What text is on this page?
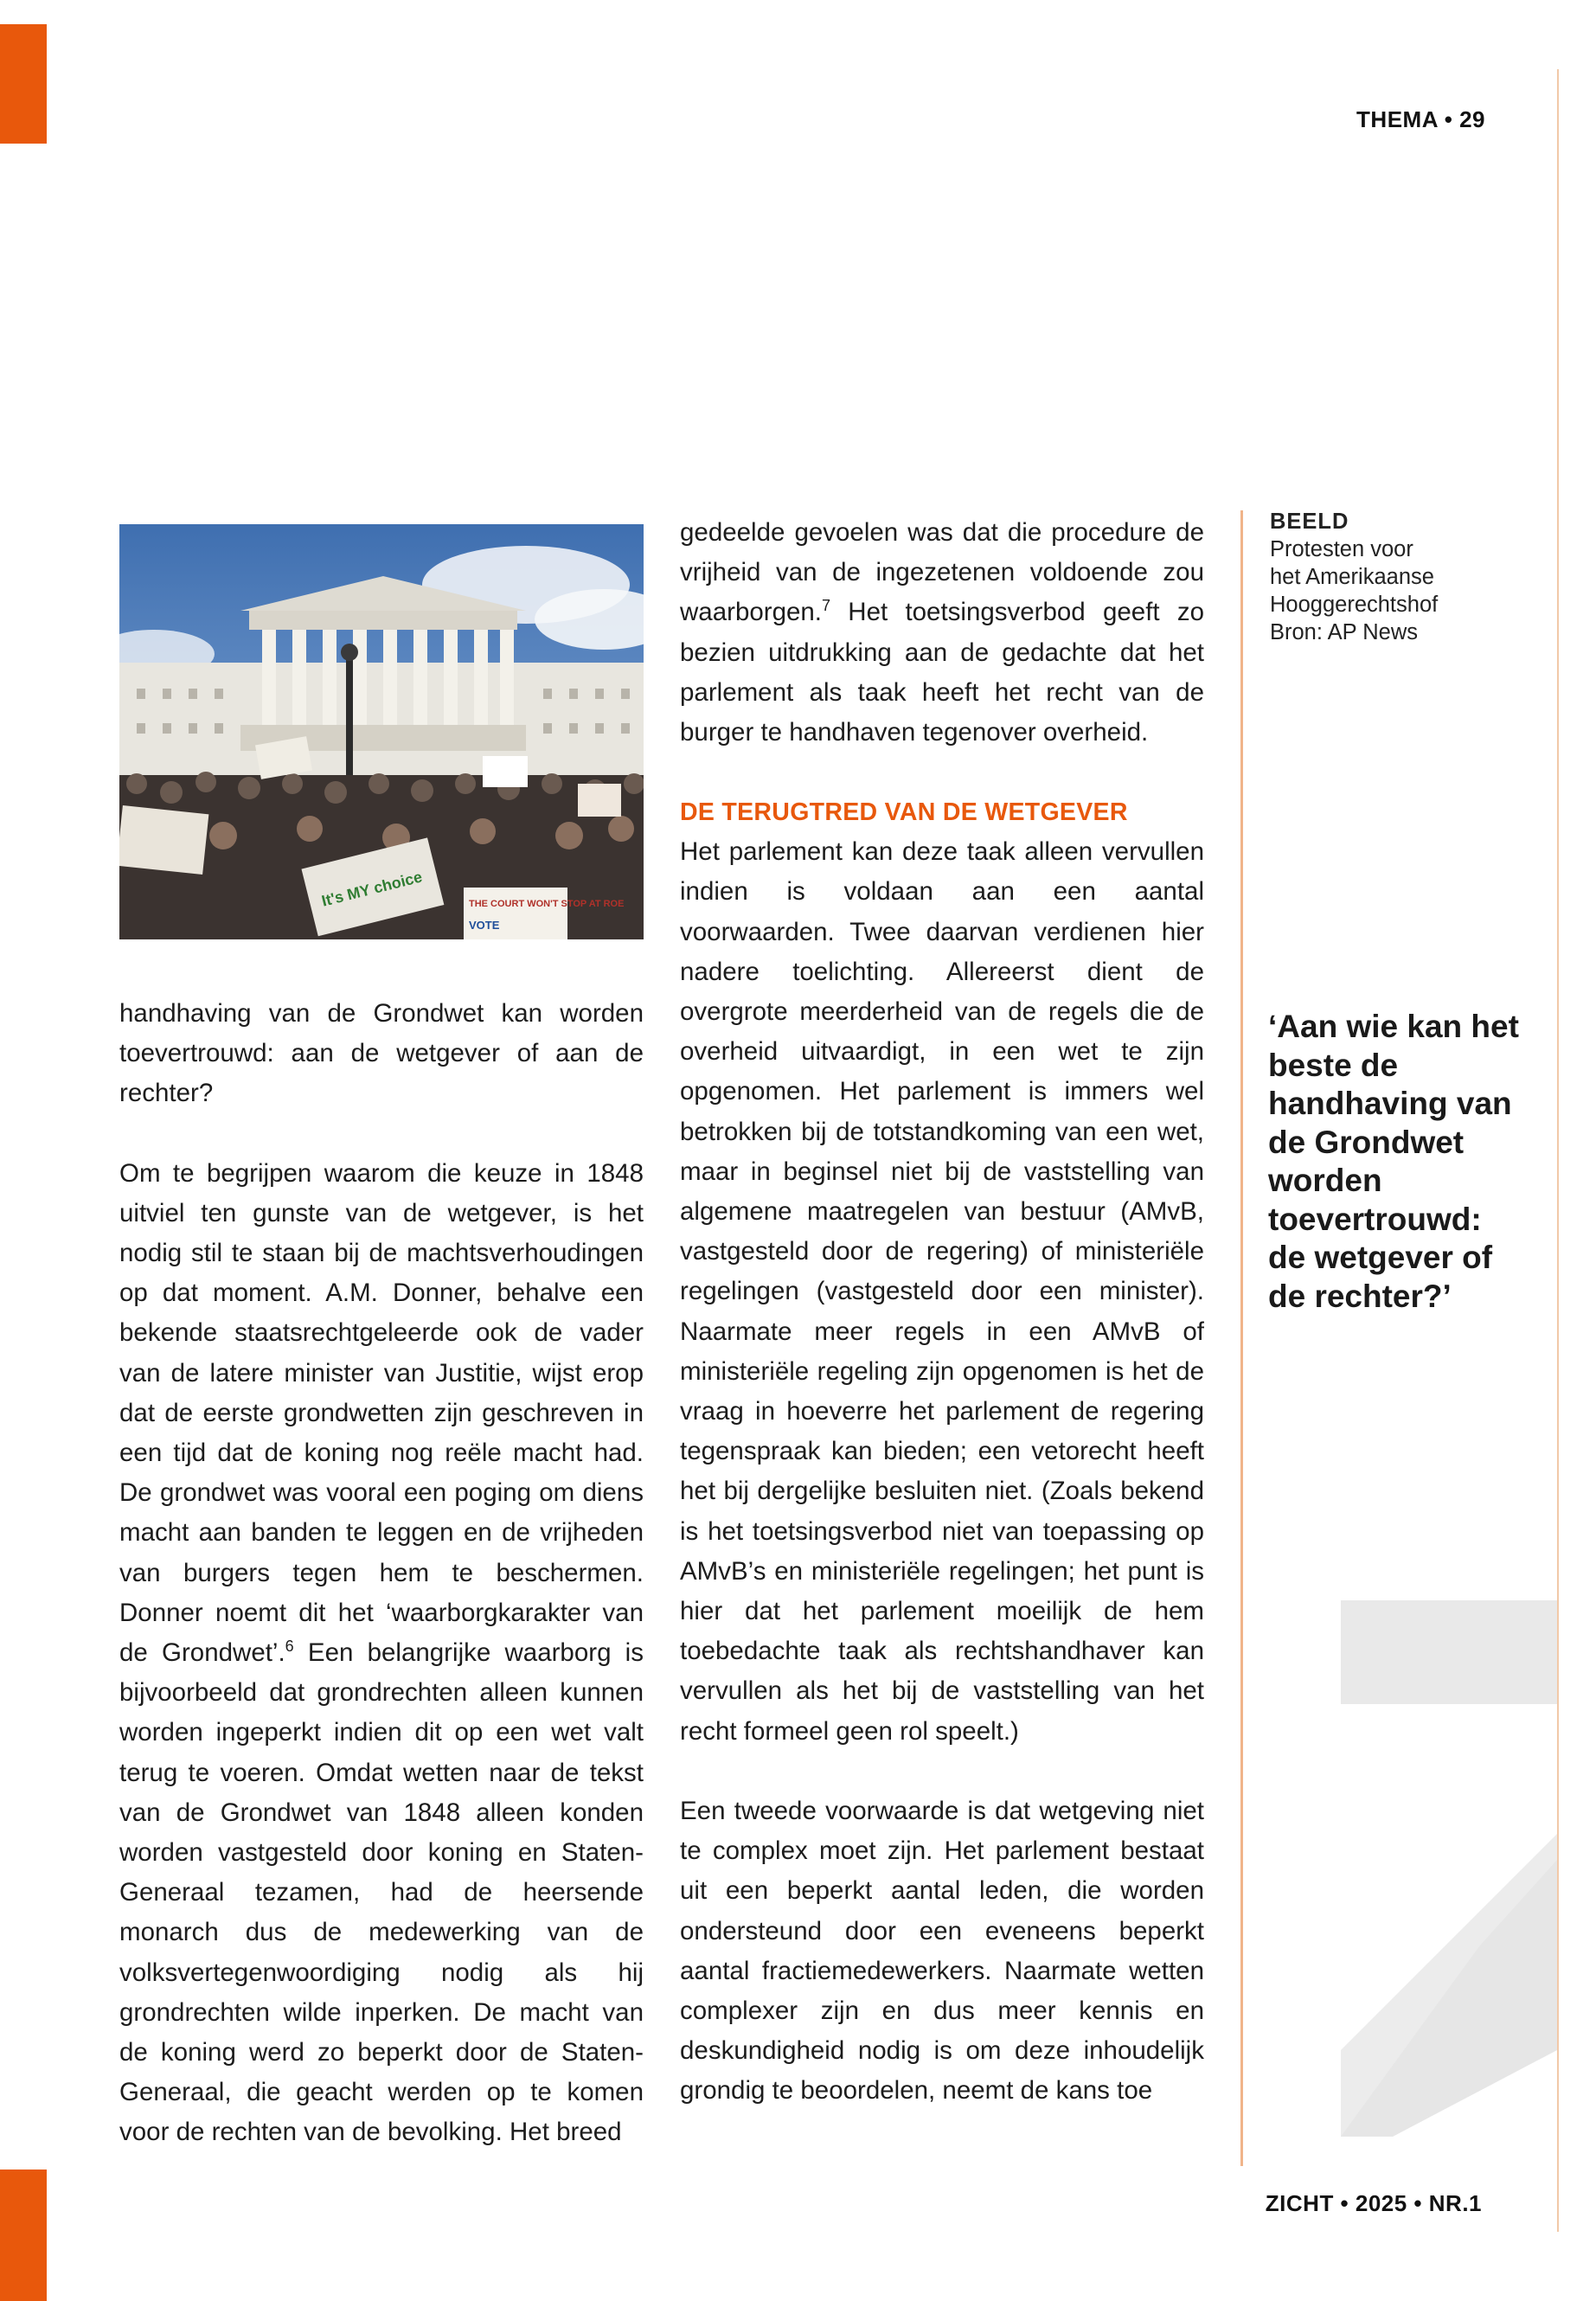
THEMA • 29
It's MY choice	THE COURT WON'T STOP AT ROE
VOTE
BEELD
Protesten voor
het Amerikaanse
Hooggerechtshof
Bron: AP News

handhaving van de Grondwet kan worden toevertrouwd: aan de wetgever of aan de rechter?

Om te begrijpen waarom die keuze in 1848 uitviel ten gunste van de wetgever, is het nodig stil te staan bij de machtsverhoudingen op dat moment. A.M. Donner, behalve een bekende staatsrechtgeleerde ook de vader van de latere minister van Justitie, wijst erop dat de eerste grondwetten zijn geschreven in een tijd dat de koning nog reële macht had. De grondwet was vooral een poging om diens macht aan banden te leggen en de vrijheden van burgers tegen hem te beschermen. Donner noemt dit het ‘waarborgkarakter van de Grondwet’.$^6$ Een belangrijke waarborg is bijvoorbeeld dat grondrechten alleen kunnen worden ingeperkt indien dit op een wet valt terug te voeren. Omdat wetten naar de tekst van de Grondwet van 1848 alleen konden worden vastgesteld door koning en Staten-Generaal tezamen, had de heersende monarch dus de medewerking van de volksvertegenwoordiging nodig als hij grondrechten wilde inperken. De macht van de koning werd zo beperkt door de Staten-Generaal, die geacht werden op te komen voor de rechten van de bevolking. Het breed

gedeelde gevoelen was dat die procedure de vrijheid van de ingezetenen voldoende zou waarborgen.$^7$ Het toetsingsverbod geeft zo bezien uitdrukking aan de gedachte dat het parlement als taak heeft het recht van de burger te handhaven tegenover overheid.

DE TERUGTRED VAN DE WETGEVER

Het parlement kan deze taak alleen vervullen indien is voldaan aan een aantal voorwaarden. Twee daarvan verdienen hier nadere toelichting. Allereerst dient de overgrote meerderheid van de regels die de overheid uitvaardigt, in een wet te zijn opgenomen. Het parlement is immers wel betrokken bij de totstandkoming van een wet, maar in beginsel niet bij de vaststelling van algemene maatregelen van bestuur (AMvB, vastgesteld door de regering) of ministeriële regelingen (vastgesteld door een minister). Naarmate meer regels in een AMvB of ministeriële regeling zijn opgenomen is het de vraag in hoeverre het parlement de regering tegenspraak kan bieden; een vetorecht heeft het bij dergelijke besluiten niet. (Zoals bekend is het toetsingsverbod niet van toepassing op AMvB’s en ministeriële regelingen; het punt is hier dat het parlement moeilijk de hem toebedachte taak als rechtshandhaver kan vervullen als het bij de vaststelling van het recht formeel geen rol speelt.)

Een tweede voorwaarde is dat wetgeving niet te complex moet zijn. Het parlement bestaat uit een beperkt aantal leden, die worden ondersteund door een eveneens beperkt aantal fractiemedewerkers. Naarmate wetten complexer zijn en dus meer kennis en deskundigheid nodig is om deze inhoudelijk grondig te beoordelen, neemt de kans toe

‘Aan wie kan het beste de handhaving van de Grondwet worden toevertrouwd: de wetgever of de rechter?’
ZICHT • 2025 • NR.1
